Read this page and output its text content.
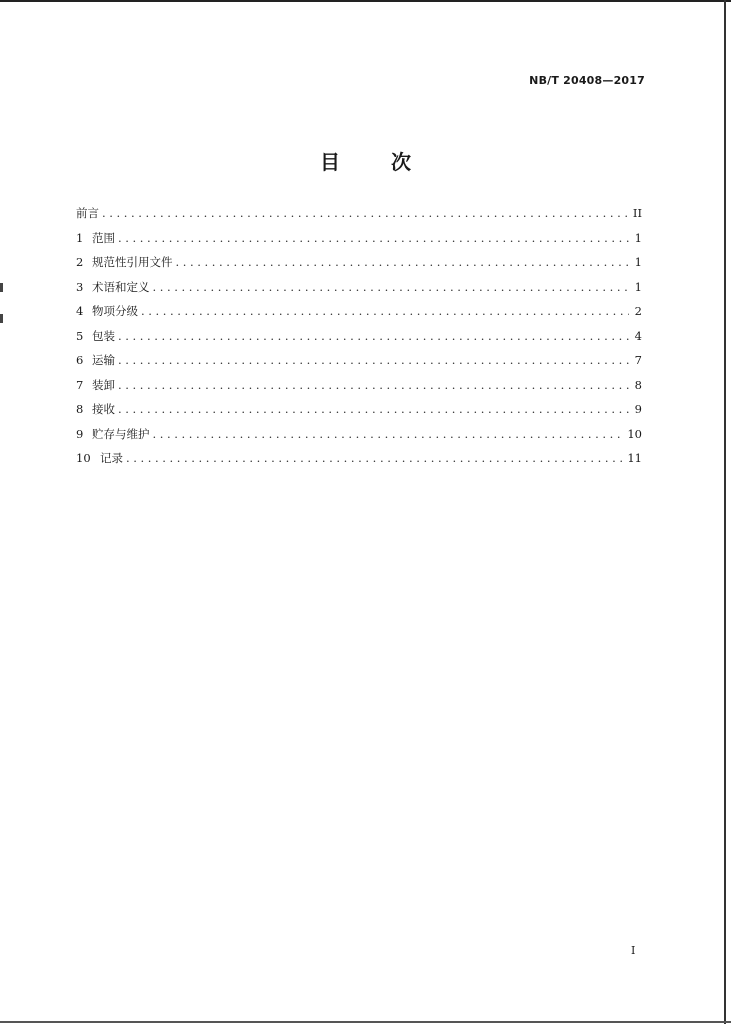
NB/T 20408—2017
目 次
前言 .....	II
1 范围 .....	1
2 规范性引用文件 .....	1
3 术语和定义 .....	1
4 物项分级 .....	2
5 包装 .....	4
6 运输 .....	7
7 装卸 .....	8
8 接收 .....	9
9 贮存与维护 .....	10
10 记录 .....	11
I
